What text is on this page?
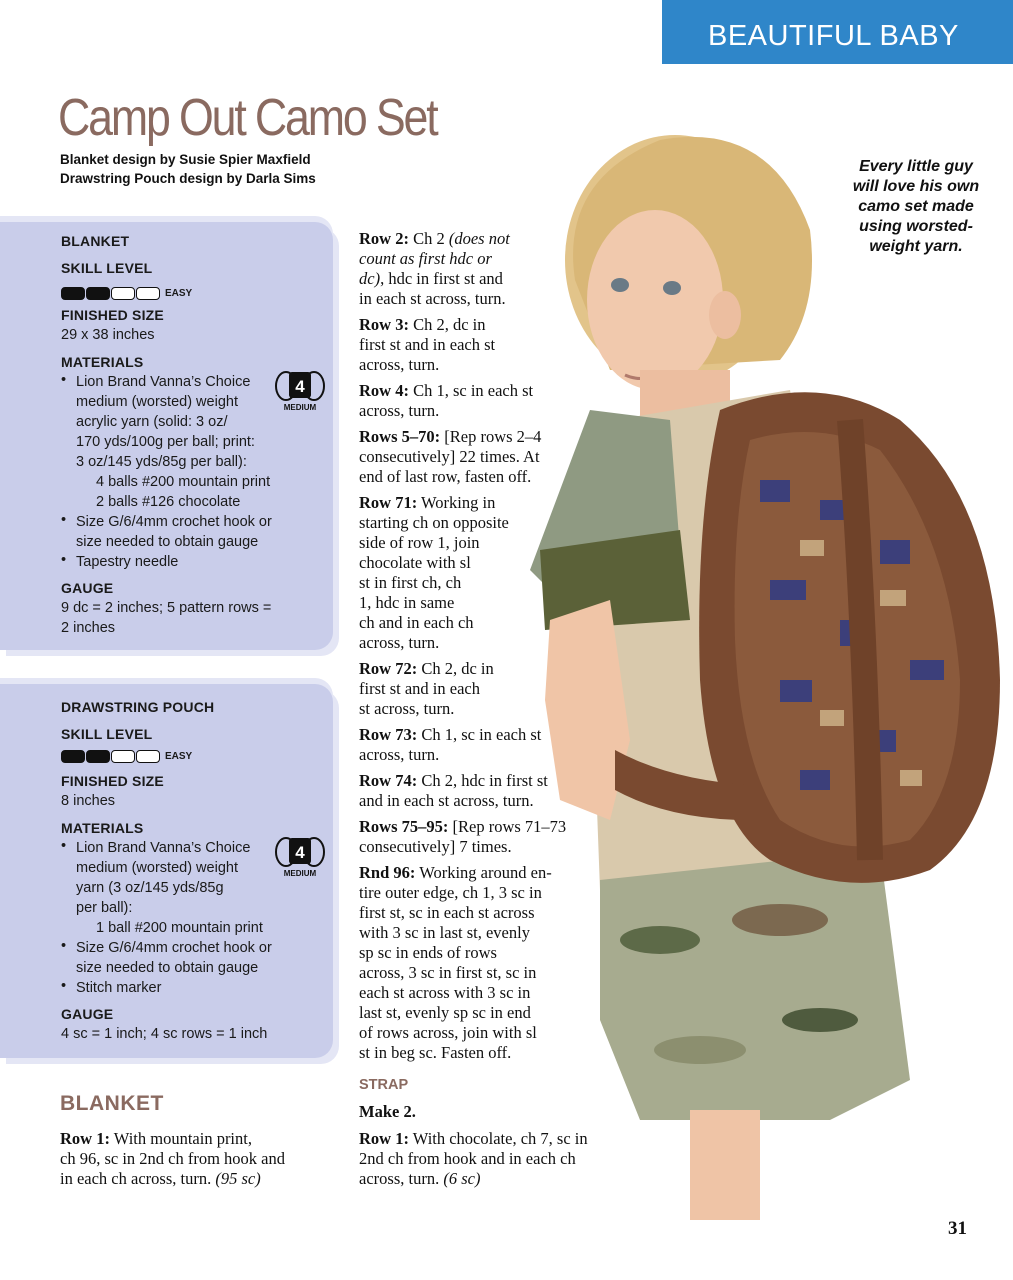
BEAUTIFUL BABY
Camp Out Camo Set
Blanket design by Susie Spier Maxfield
Drawstring Pouch design by Darla Sims
Every little guy
will love his own
camo set made
using worsted-
weight yarn.
BLANKET
SKILL LEVEL
EASY
FINISHED SIZE
29 x 38 inches
MATERIALS
4
MEDIUM
• Lion Brand Vanna’s Choice
medium (worsted) weight
acrylic yarn (solid: 3 oz/
170 yds/100g per ball; print:
3 oz/145 yds/85g per ball):
4 balls #200 mountain print
2 balls #126 chocolate
• Size G/6/4mm crochet hook or
size needed to obtain gauge
• Tapestry needle
GAUGE
9 dc = 2 inches; 5 pattern rows =
2 inches
DRAWSTRING POUCH
SKILL LEVEL
EASY
FINISHED SIZE
8 inches
MATERIALS
4
MEDIUM
• Lion Brand Vanna’s Choice
medium (worsted) weight
yarn (3 oz/145 yds/85g
per ball):
1 ball #200 mountain print
• Size G/6/4mm crochet hook or
size needed to obtain gauge
• Stitch marker
GAUGE
4 sc = 1 inch; 4 sc rows = 1 inch
BLANKET
Row 1: With mountain print,
ch 96, sc in 2nd ch from hook and
in each ch across, turn. (95 sc)
Row 2: Ch 2 (does not
count as first hdc or
dc), hdc in first st and
in each st across, turn.
Row 3: Ch 2, dc in
first st and in each st
across, turn.
Row 4: Ch 1, sc in each st
across, turn.
Rows 5–70: [Rep rows 2–4
consecutively] 22 times. At
end of last row, fasten off.
Row 71: Working in
starting ch on opposite
side of row 1, join
chocolate with sl
st in first ch, ch
1, hdc in same
ch and in each ch
across, turn.
Row 72: Ch 2, dc in
first st and in each
st across, turn.
Row 73: Ch 1, sc in each st
across, turn.
Row 74: Ch 2, hdc in first st
and in each st across, turn.
Rows 75–95: [Rep rows 71–73
consecutively] 7 times.
Rnd 96: Working around en-
tire outer edge, ch 1, 3 sc in
first st, sc in each st across
with 3 sc in last st, evenly
sp sc in ends of rows
across, 3 sc in first st, sc in
each st across with 3 sc in
last st, evenly sp sc in end
of rows across, join with sl
st in beg sc. Fasten off.
STRAP
Make 2.
Row 1: With chocolate, ch 7, sc in
2nd ch from hook and in each ch
across, turn. (6 sc)
31
